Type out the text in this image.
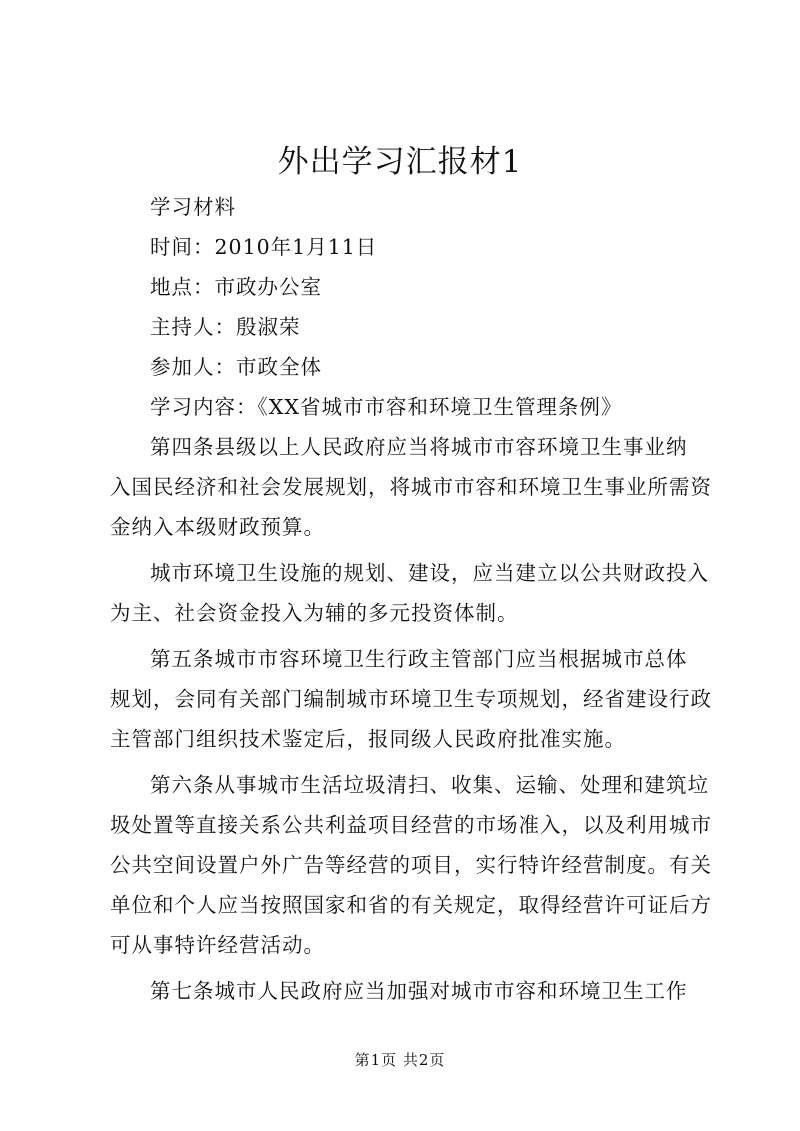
外出学习汇报材1

学习材料

时间：2010年1月11日

地点：市政办公室

主持人：殷淑荣

参加人：市政全体

学习内容：《XX省城市市容和环境卫生管理条例》

第四条县级以上人民政府应当将城市市容环境卫生事业纳

入国民经济和社会发展规划，将城市市容和环境卫生事业所需资

金纳入本级财政预算。

城市环境卫生设施的规划、建设，应当建立以公共财政投入

为主、社会资金投入为辅的多元投资体制。

第五条城市市容环境卫生行政主管部门应当根据城市总体

规划，会同有关部门编制城市环境卫生专项规划，经省建设行政

主管部门组织技术鉴定后，报同级人民政府批准实施。

第六条从事城市生活垃圾清扫、收集、运输、处理和建筑垃

圾处置等直接关系公共利益项目经营的市场准入，以及利用城市

公共空间设置户外广告等经营的项目，实行特许经营制度。有关

单位和个人应当按照国家和省的有关规定，取得经营许可证后方

可从事特许经营活动。

第七条城市人民政府应当加强对城市市容和环境卫生工作

第1页 共2页
